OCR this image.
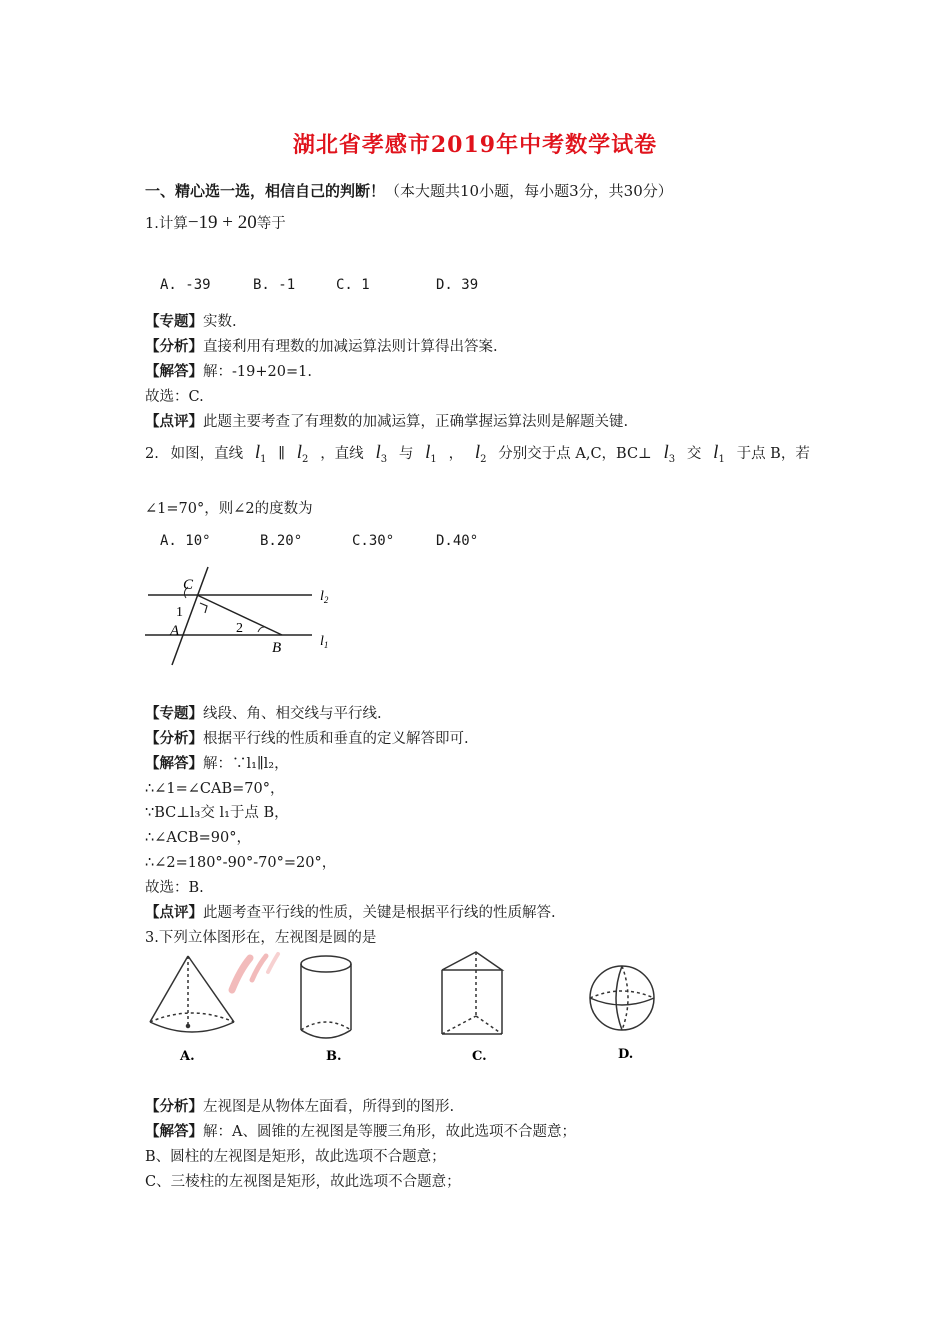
湖北省孝感市2019年中考数学试卷
一、精心选一选，相信自己的判断！（本大题共10小题，每小题3分，共30分）
1.计算−19 + 20等于
A. -39	B. -1	C. 1	D. 39
【专题】实数.
【分析】直接利用有理数的加减运算法则计算得出答案.
【解答】解：-19+20=1.
故选：C.
【点评】此题主要考查了有理数的加减运算，正确掌握运算法则是解题关键.
2. 如图，直线 $l_1$ ∥ $l_2$ ，直线 $l_3$ 与 $l_1$ ， $l_2$ 分别交于点 A,C，BC⊥ $l_3$ 交 $l_1$ 于点 B，若
∠1=70°，则∠2的度数为
A. 10°	B.20°	C.30°	D.40°
C
1
A	2
B
$l_2$
$l_1$
【专题】线段、角、相交线与平行线.
【分析】根据平行线的性质和垂直的定义解答即可.
【解答】解：∵l₁∥l₂，
∴∠1=∠CAB=70°，
∵BC⊥l₃交 l₁于点 B，
∴∠ACB=90°，
∴∠2=180°-90°-70°=20°，
故选：B.
【点评】此题考查平行线的性质，关键是根据平行线的性质解答.
3.下列立体图形在，左视图是圆的是
A.	B.	C.	D.
【分析】左视图是从物体左面看，所得到的图形.
【解答】解：A、圆锥的左视图是等腰三角形，故此选项不合题意；
B、圆柱的左视图是矩形，故此选项不合题意；
C、三棱柱的左视图是矩形，故此选项不合题意；
